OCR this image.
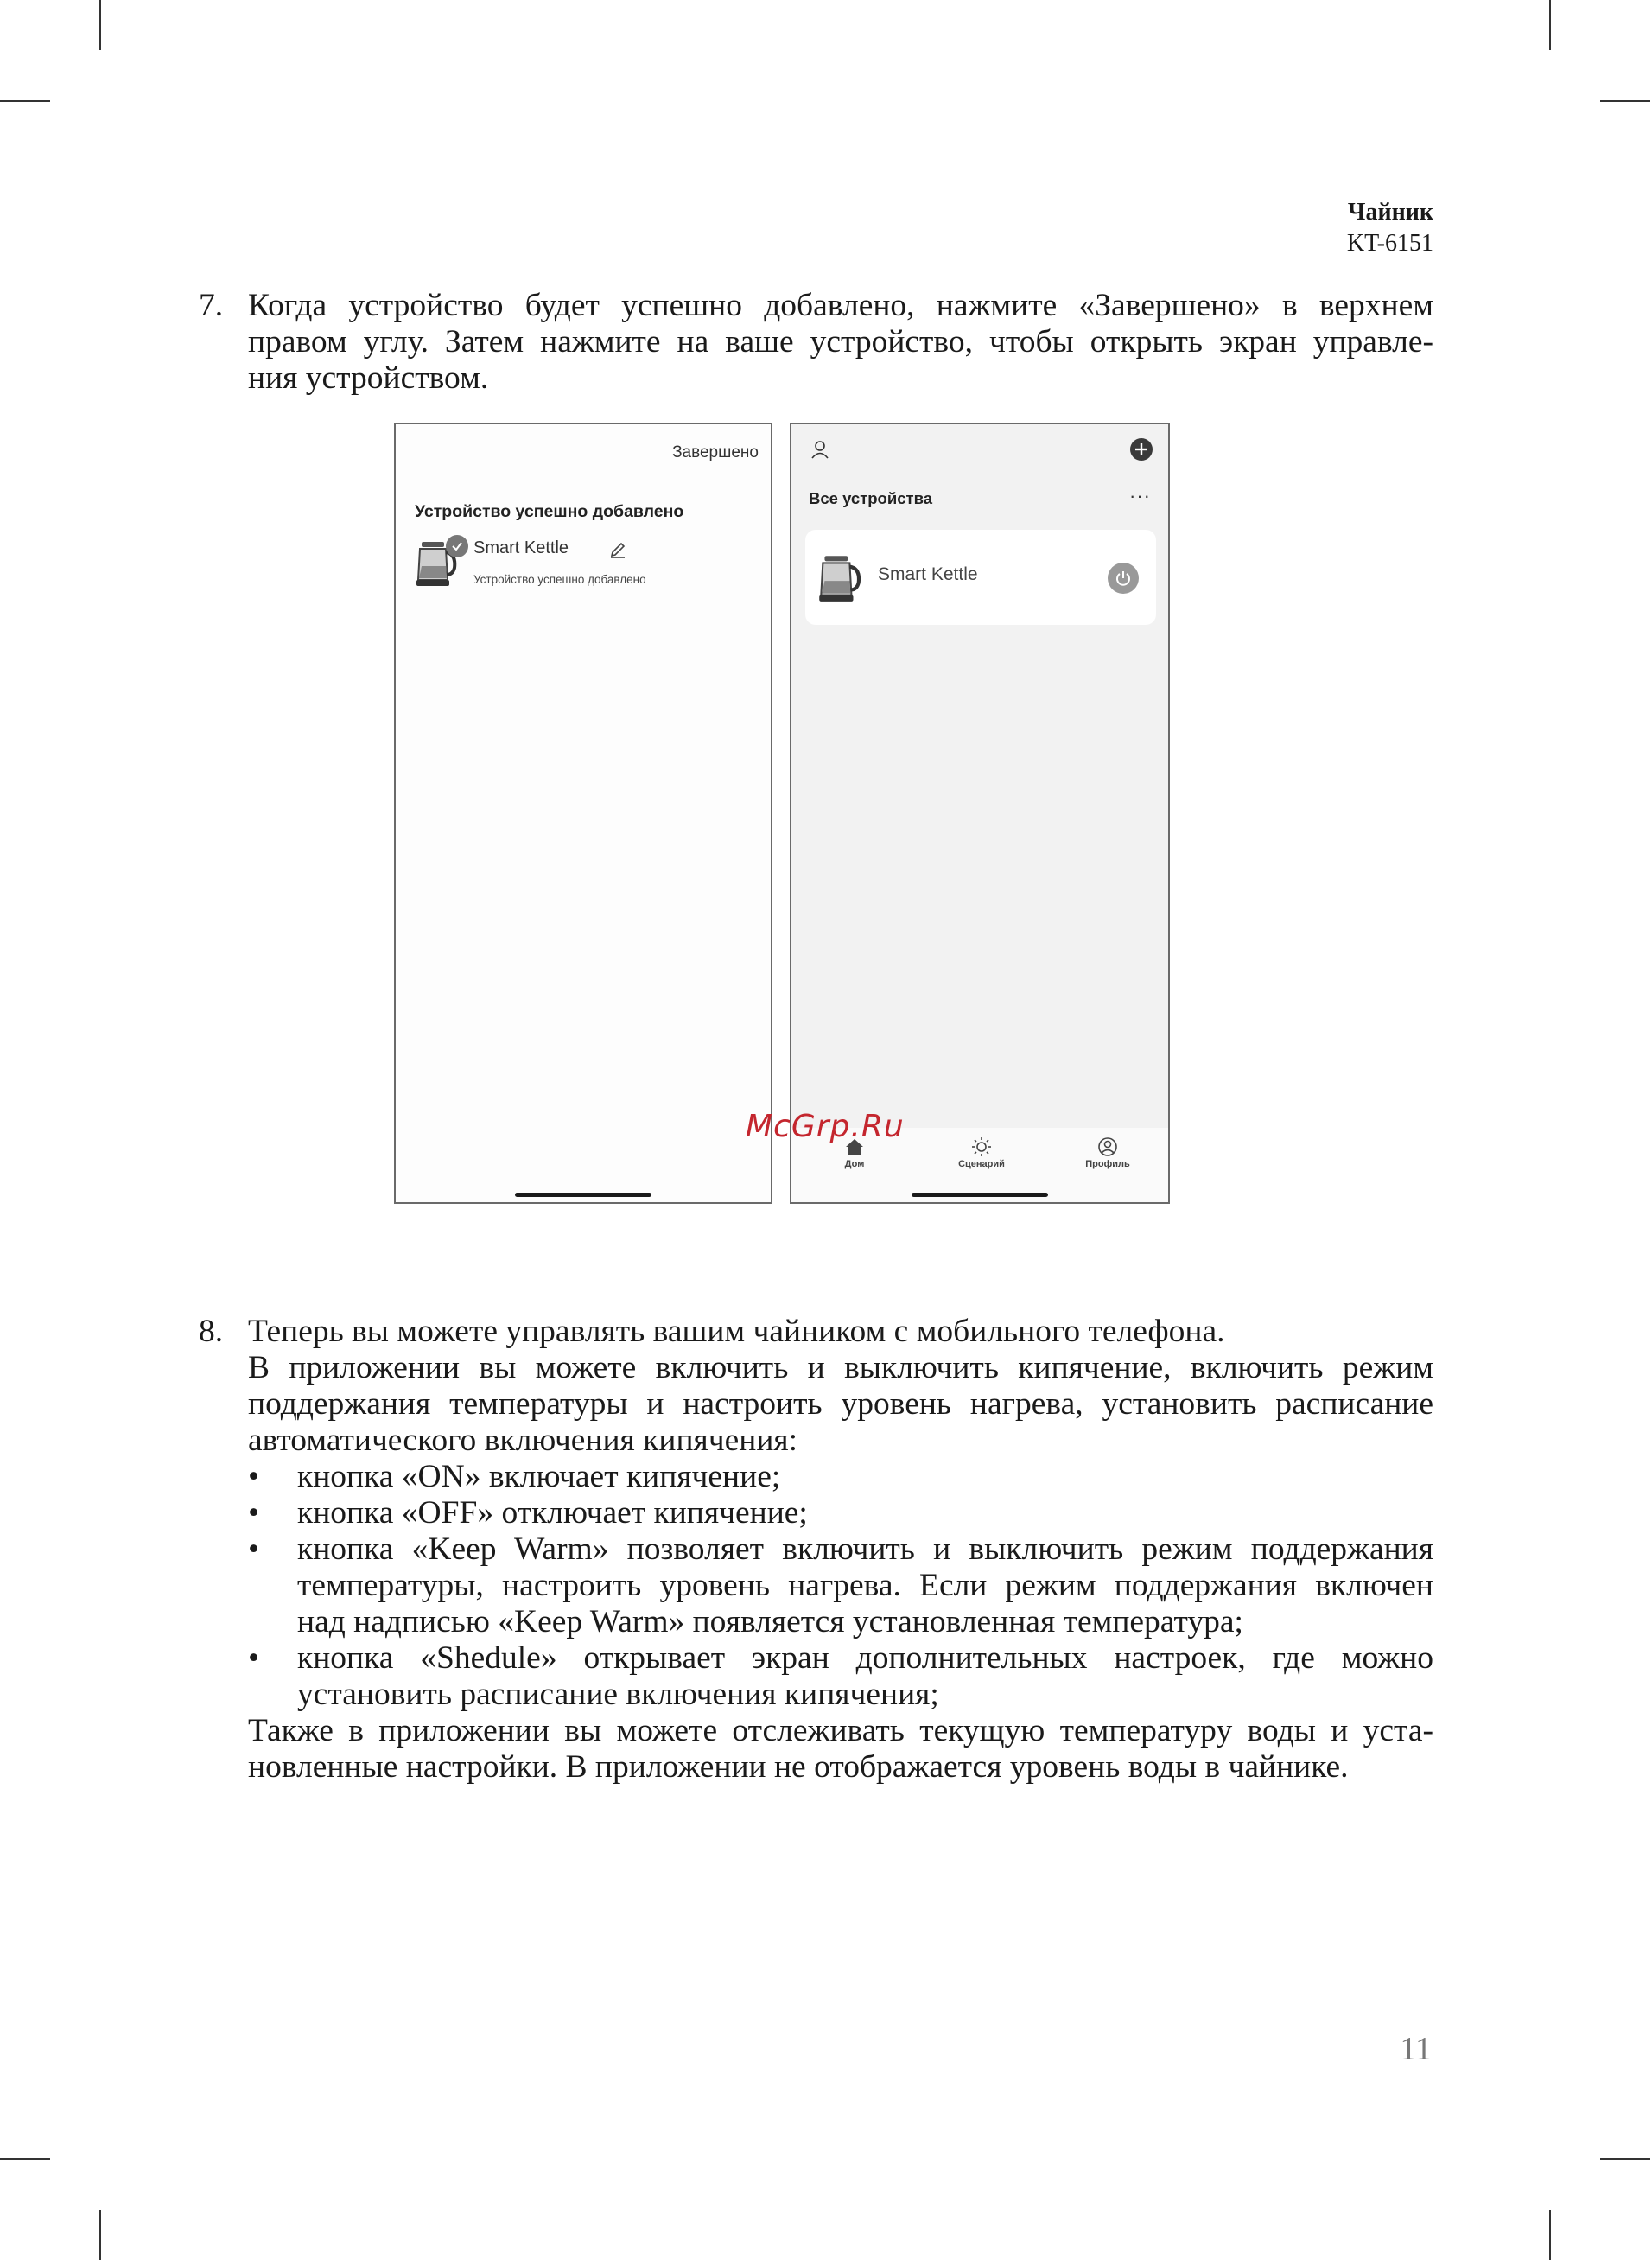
Чайник
KT-6151
7. Когда устройство будет успешно добавлено, нажмите «Завершено» в верхнем

правом углу. Затем нажмите на ваше устройство, чтобы открыть экран управле-

ния устройством.

Завершено
Устройство успешно добавлено
Smart Kettle
Устройство успешно добавлено
Все устройства	···
Smart Kettle
Дом	Сценарий	Профиль
McGrp.Ru
8. Теперь вы можете управлять вашим чайником с мобильного телефона.

В приложении вы можете включить и выключить кипячение, включить режим

поддержания температуры и настроить уровень нагрева, установить расписание

автоматического включения кипячения:

• кнопка «ON» включает кипячение;
• кнопка «OFF» отключает кипячение;
• кнопка «Keep Warm» позволяет включить и выключить режим поддержания
температуры, настроить уровень нагрева. Если режим поддержания включен
над надписью «Keep Warm» появляется установленная температура;
• кнопка «Shedule» открывает экран дополнительных настроек, где можно
установить расписание включения кипячения;

Также в приложении вы можете отслеживать текущую температуру воды и уста-

новленные настройки. В приложении не отображается уровень воды в чайнике.

11
